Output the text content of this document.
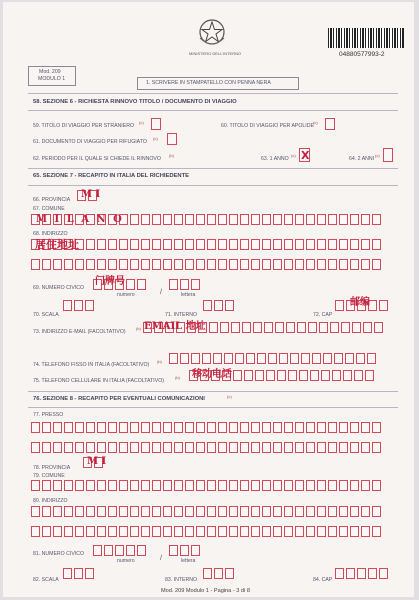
MINISTERO DELL'INTERNO	04880577993-2
Mod. 209
MODULO 1
1. SCRIVERE IN STAMPATELLO CON PENNA NERA
58. SEZIONE 6 - RICHIESTA RINNOVO TITOLO / DOCUMENTO DI VIAGGIO
59. TITOLO DI VIAGGIO PER STRANIERO
(c)
60. TITOLO DI VIAGGIO PER APOLIDE
(c)
61. DOCUMENTO DI VIAGGIO PER RIFUGIATO
(c)
62. PERIODO PER IL QUALE SI CHIEDE IL RINNOVO
(b)
63. 1 ANNO
(c) X	64. 2 ANNI
(c)
65. SEZIONE 7 - RECAPITO IN ITALIA DEL RICHIEDENTE
66. PROVINCIA M I
67. COMUNE
M I L A N O
68. INDIRIZZO
居住地址
69. NUMERO CIVICO
门牌号
numero	/	lettera
70. SCALA	71. INTERNO	72. CAP
邮编
73. INDIRIZZO E-MAIL (FACOLTATIVO)
(b) EMAIL 地址
74. TELEFONO FISSO IN ITALIA (FACOLTATIVO)
(b)
75. TELEFONO CELLULARE IN ITALIA (FACOLTATIVO)
(b) 移动电话
76. SEZIONE 8 - RECAPITO PER EVENTUALI COMUNICAZIONI	(c)
77. PRESSO
78. PROVINCIA
M I
79. COMUNE
80. INDIRIZZO
81. NUMERO CIVICO
numero	/	lettera
82. SCALA	83. INTERNO	84. CAP
Mod. 209 Modulo 1 - Pagina - 3 di 8
